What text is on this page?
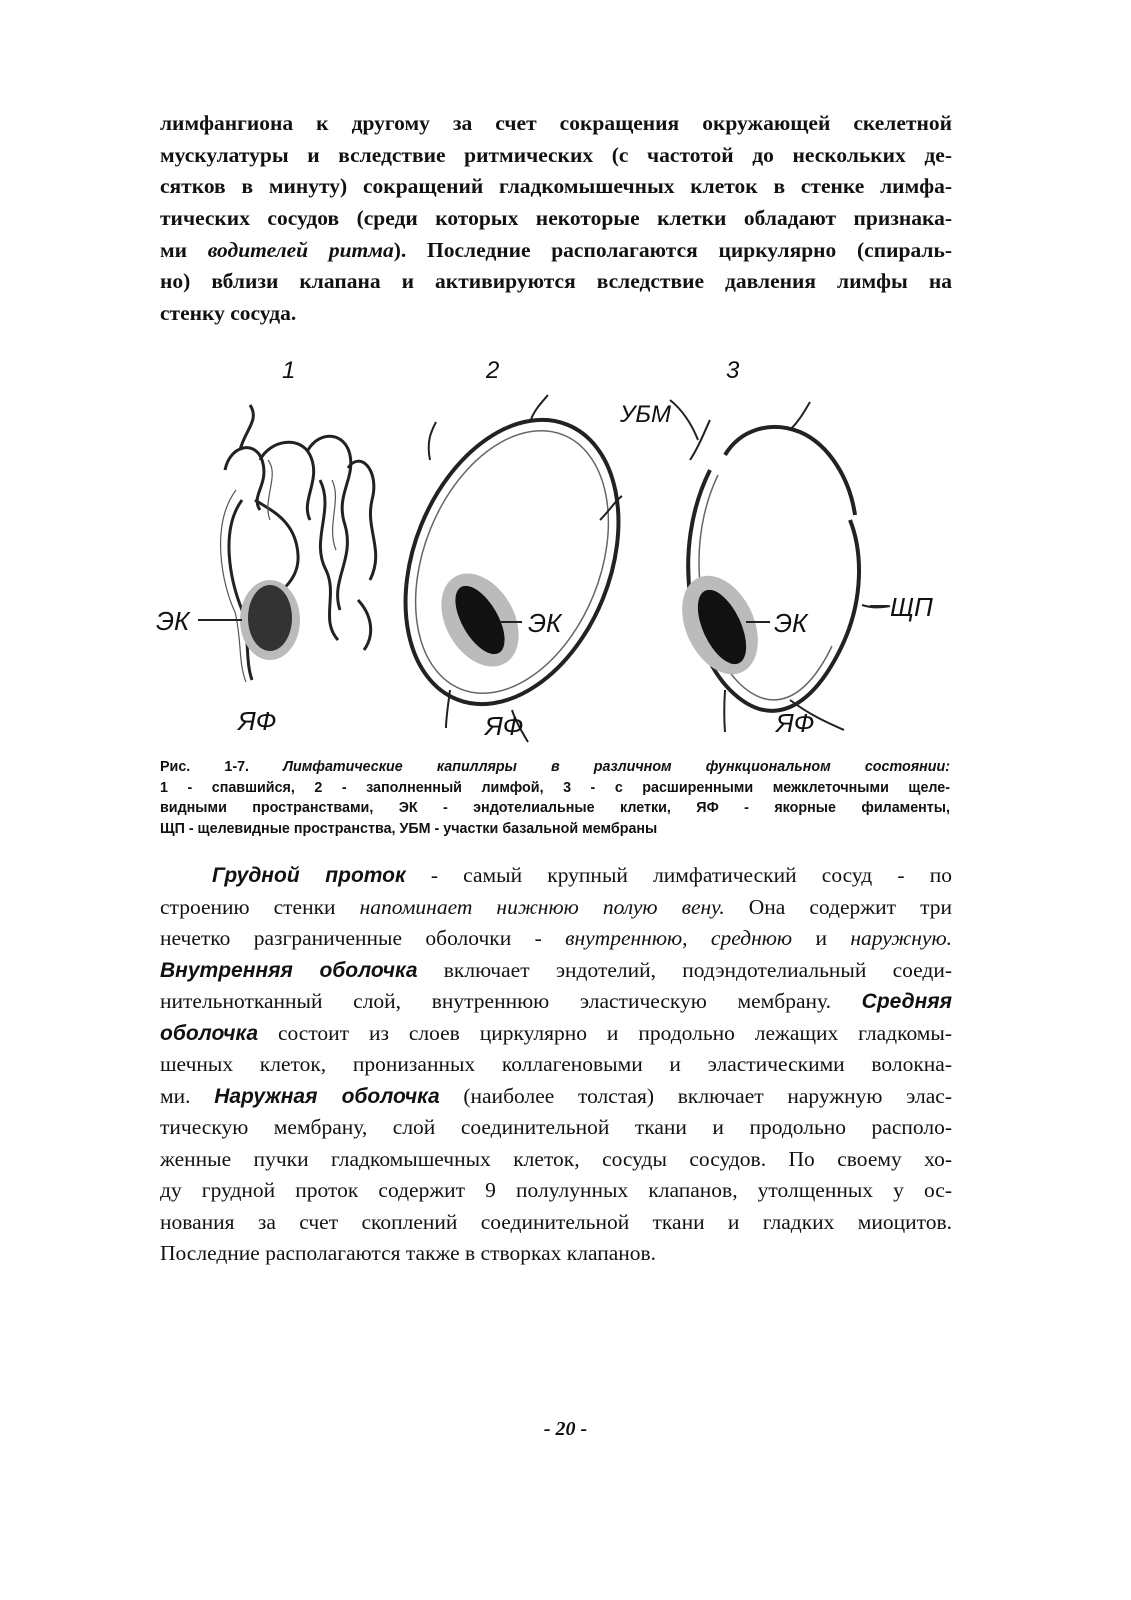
лимфангиона к другому за счет сокращения окружающей скелетной
мускулатуры и вследствие ритмических (с частотой до нескольких де-
сятков в минуту) сокращений гладкомышечных клеток в стенке лимфа-
тических сосудов (среди которых некоторые клетки обладают признака-
ми водителей ритма). Последние располагаются циркулярно (спираль-
но) вблизи клапана и активируются вследствие давления лимфы на
стенку сосуда.
1	2	3
ЭК
ЯФ
ЭК
ЯФ
ЭК
УБМ
ЩП
ЯФ
Рис. 1-7. Лимфатические капилляры в различном функциональном состоянии:
1 - спавшийся, 2 - заполненный лимфой, 3 - с расширенными межклеточными щеле-
видными пространствами, ЭК - эндотелиальные клетки, ЯФ - якорные филаменты,
ЩП - щелевидные пространства, УБМ - участки базальной мембраны
Грудной проток - самый крупный лимфатический сосуд - по
строению стенки напоминает нижнюю полую вену. Она содержит три
нечетко разграниченные оболочки - внутреннюю, среднюю и наружную.
Внутренняя оболочка включает эндотелий, подэндотелиальный соеди-
нительнотканный слой, внутреннюю эластическую мембрану. Средняя
оболочка состоит из слоев циркулярно и продольно лежащих гладкомы-
шечных клеток, пронизанных коллагеновыми и эластическими волокна-
ми. Наружная оболочка (наиболее толстая) включает наружную элас-
тическую мембрану, слой соединительной ткани и продольно располо-
женные пучки гладкомышечных клеток, сосуды сосудов. По своему хо-
ду грудной проток содержит 9 полулунных клапанов, утолщенных у ос-
нования за счет скоплений соединительной ткани и гладких миоцитов.
Последние располагаются также в створках клапанов.
- 20 -
